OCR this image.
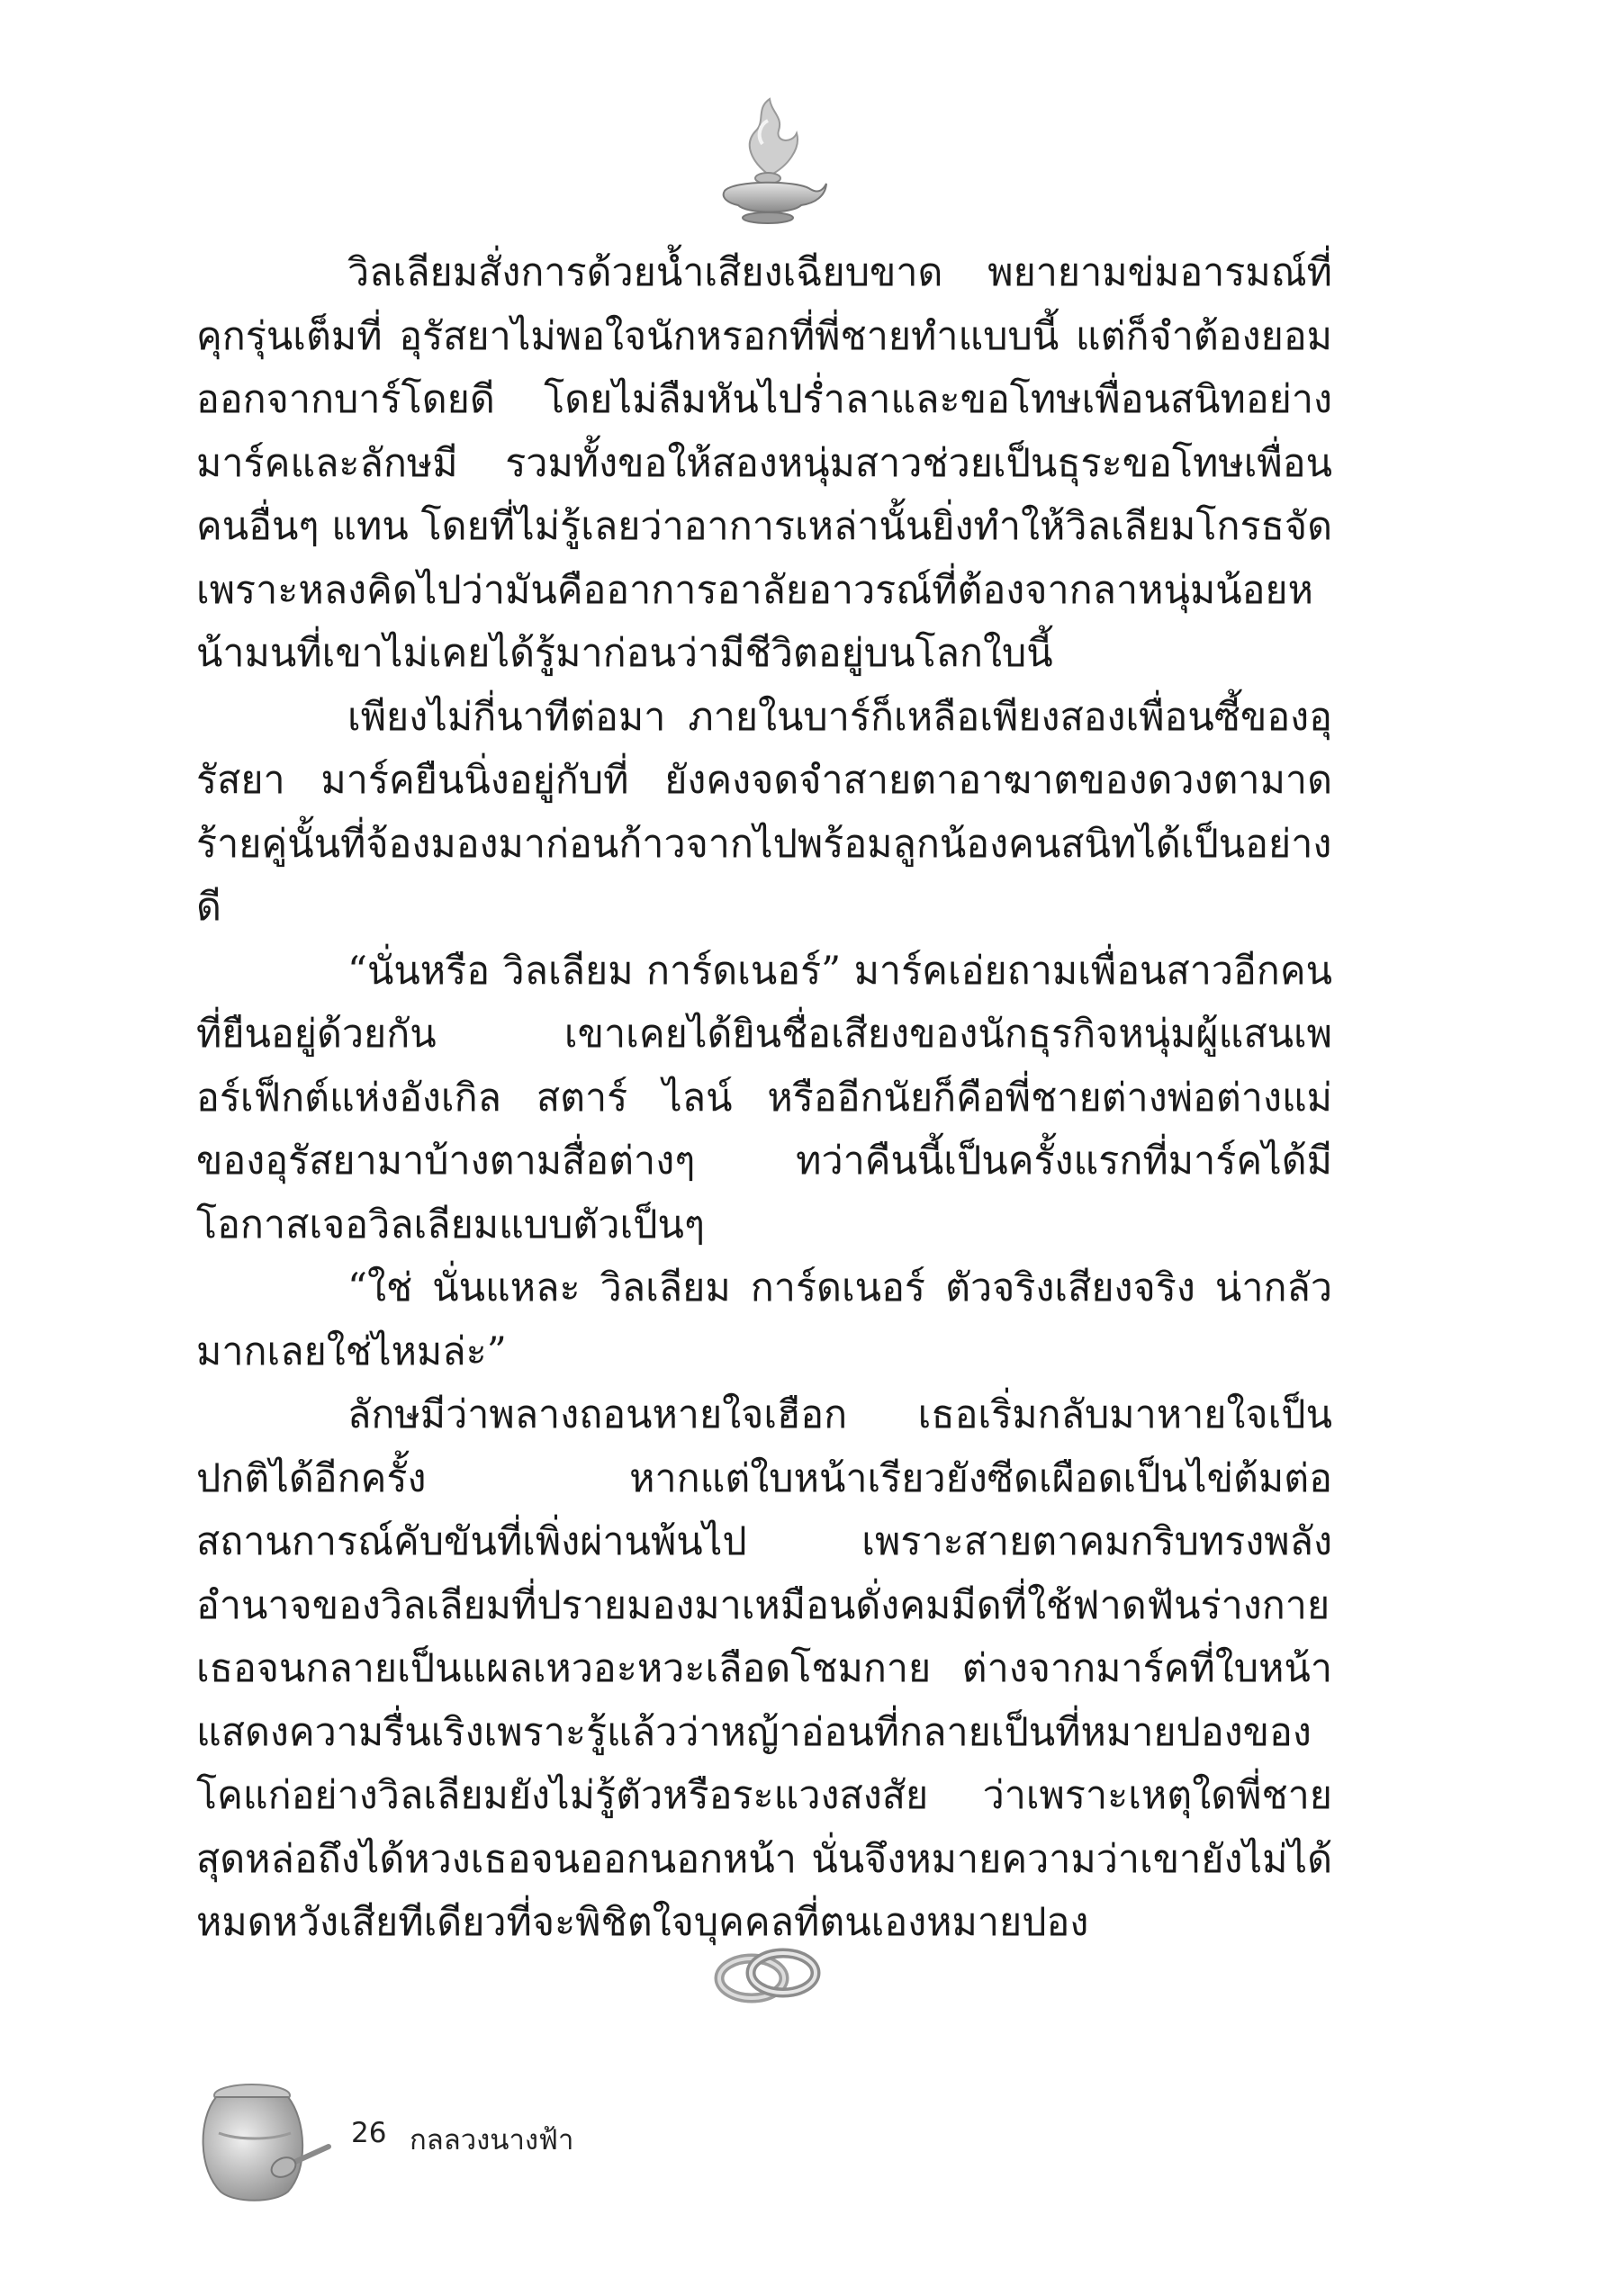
วิลเลียมสั่งการด้วยน้ำเสียงเฉียบขาด พยายามข่มอารมณ์ที่คุกรุ่นเต็มที่ อุรัสยาไม่พอใจนักหรอกที่พี่ชายทำแบบนี้ แต่ก็จำต้องยอมออกจากบาร์โดยดี โดยไม่ลืมหันไปร่ำลาและขอโทษเพื่อนสนิทอย่างมาร์คและลักษมี รวมทั้งขอให้สองหนุ่มสาวช่วยเป็นธุระขอโทษเพื่อนคนอื่นๆ แทน โดยที่ไม่รู้เลยว่าอาการเหล่านั้นยิ่งทำให้วิลเลียมโกรธจัด เพราะหลงคิดไปว่ามันคืออาการอาลัยอาวรณ์ที่ต้องจากลาหนุ่มน้อยหน้ามนที่เขาไม่เคยได้รู้มาก่อนว่ามีชีวิตอยู่บนโลกใบนี้

เพียงไม่กี่นาทีต่อมา ภายในบาร์ก็เหลือเพียงสองเพื่อนซี้ของอุรัสยา มาร์คยืนนิ่งอยู่กับที่ ยังคงจดจำสายตาอาฆาตของดวงตามาดร้ายคู่นั้นที่จ้องมองมาก่อนก้าวจากไปพร้อมลูกน้องคนสนิทได้เป็นอย่างดี

“นั่นหรือ วิลเลียม การ์ดเนอร์” มาร์คเอ่ยถามเพื่อนสาวอีกคนที่ยืนอยู่ด้วยกัน เขาเคยได้ยินชื่อเสียงของนักธุรกิจหนุ่มผู้แสนเพอร์เฟ็กต์แห่งอังเกิล สตาร์ ไลน์ หรืออีกนัยก็คือพี่ชายต่างพ่อต่างแม่ของอุรัสยามาบ้างตามสื่อต่างๆ ทว่าคืนนี้เป็นครั้งแรกที่มาร์คได้มีโอกาสเจอวิลเลียมแบบตัวเป็นๆ

“ใช่ นั่นแหละ วิลเลียม การ์ดเนอร์ ตัวจริงเสียงจริง น่ากลัวมากเลยใช่ไหมล่ะ”

ลักษมีว่าพลางถอนหายใจเฮือก เธอเริ่มกลับมาหายใจเป็นปกติได้อีกครั้ง หากแต่ใบหน้าเรียวยังซีดเผือดเป็นไข่ต้มต่อสถานการณ์คับขันที่เพิ่งผ่านพ้นไป เพราะสายตาคมกริบทรงพลังอำนาจของวิลเลียมที่ปรายมองมาเหมือนดั่งคมมีดที่ใช้ฟาดฟันร่างกายเธอจนกลายเป็นแผลเหวอะหวะเลือดโชมกาย ต่างจากมาร์คที่ใบหน้าแสดงความรื่นเริงเพราะรู้แล้วว่าหญ้าอ่อนที่กลายเป็นที่หมายปองของโคแก่อย่างวิลเลียมยังไม่รู้ตัวหรือระแวงสงสัย ว่าเพราะเหตุใดพี่ชายสุดหล่อถึงได้หวงเธอจนออกนอกหน้า นั่นจึงหมายความว่าเขายังไม่ได้หมดหวังเสียทีเดียวที่จะพิชิตใจบุคคลที่ตนเองหมายปอง

26 กลลวงนางฟ้า
